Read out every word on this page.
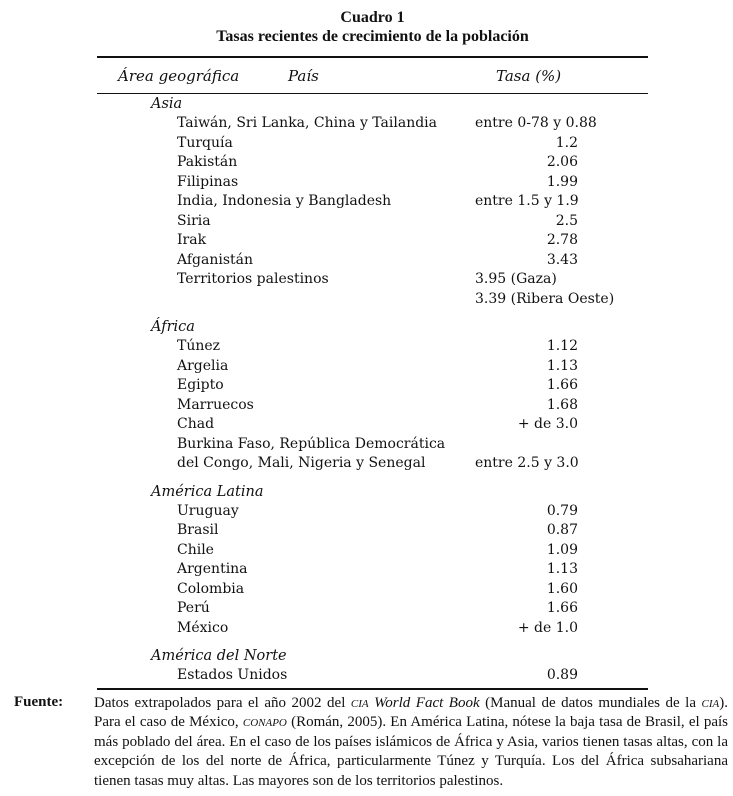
Cuadro 1
Tasas recientes de crecimiento de la población
Área geográfica	País	Tasa (%)
Asia
Taiwán, Sri Lanka, China y Tailandia	entre 0-78 y 0.88
Turquía	1.2
Pakistán	2.06
Filipinas	1.99
India, Indonesia y Bangladesh	entre 1.5 y 1.9
Siria	2.5
Irak	2.78
Afganistán	3.43
Territorios palestinos	3.95 (Gaza)
3.39 (Ribera Oeste)
África
Túnez	1.12
Argelia	1.13
Egipto	1.66
Marruecos	1.68
Chad	+ de 3.0
Burkina Faso, República Democrática
del Congo, Mali, Nigeria y Senegal	entre 2.5 y 3.0
América Latina
Uruguay	0.79
Brasil	0.87
Chile	1.09
Argentina	1.13
Colombia	1.60
Perú	1.66
México	+ de 1.0
América del Norte
Estados Unidos	0.89
Fuente: Datos extrapolados para el año 2002 del cia World Fact Book (Manual de datos mundiales de la cia). Para el caso de México, conapo (Román, 2005). En América Latina, nótese la baja tasa de Brasil, el país más poblado del área. En el caso de los países islámicos de África y Asia, varios tienen tasas altas, con la excepción de los del norte de África, particularmente Túnez y Turquía. Los del África subsahariana tienen tasas muy altas. Las mayores son de los territorios palestinos.
